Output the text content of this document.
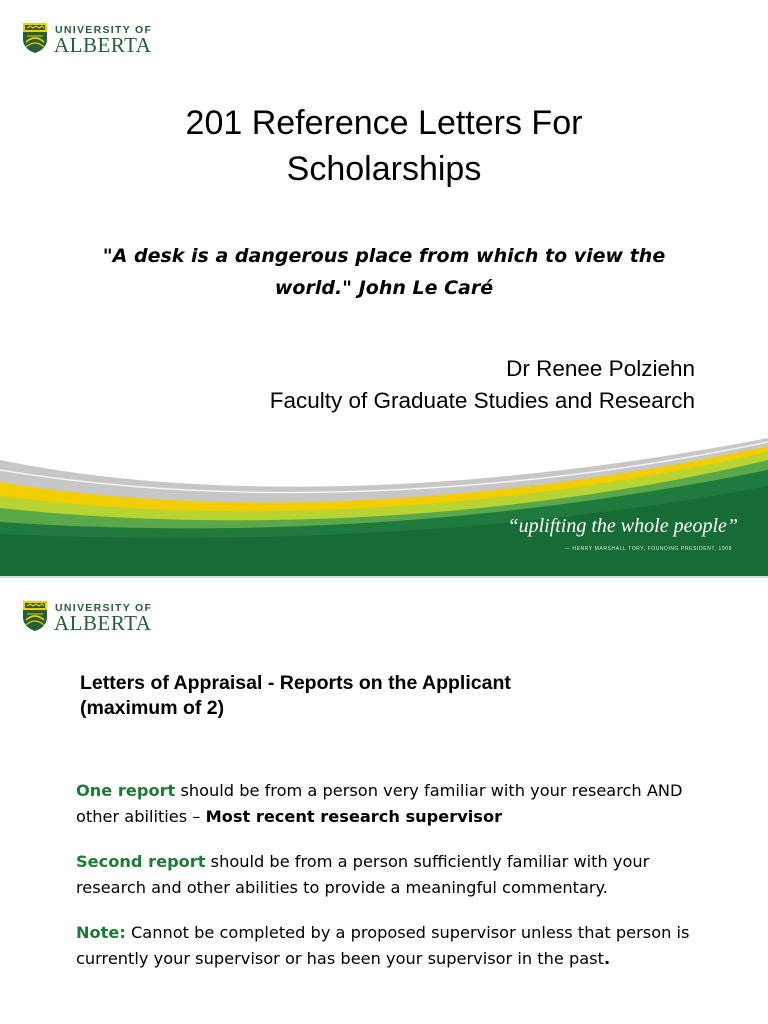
UNIVERSITY OF
ALBERTA
201 Reference Letters For
Scholarships
"A desk is a dangerous place from which to view the
world." John Le Caré
Dr Renee Polziehn
Faculty of Graduate Studies and Research
“uplifting the whole people”
— HENRY MARSHALL TORY, FOUNDING PRESIDENT, 1908
UNIVERSITY OF
ALBERTA
Letters of Appraisal - Reports on the Applicant
(maximum of 2)
One report should be from a person very familiar with your research AND other abilities – Most recent research supervisor
Second report should be from a person sufficiently familiar with your research and other abilities to provide a meaningful commentary.
Note: Cannot be completed by a proposed supervisor unless that person is currently your supervisor or has been your supervisor in the past.
